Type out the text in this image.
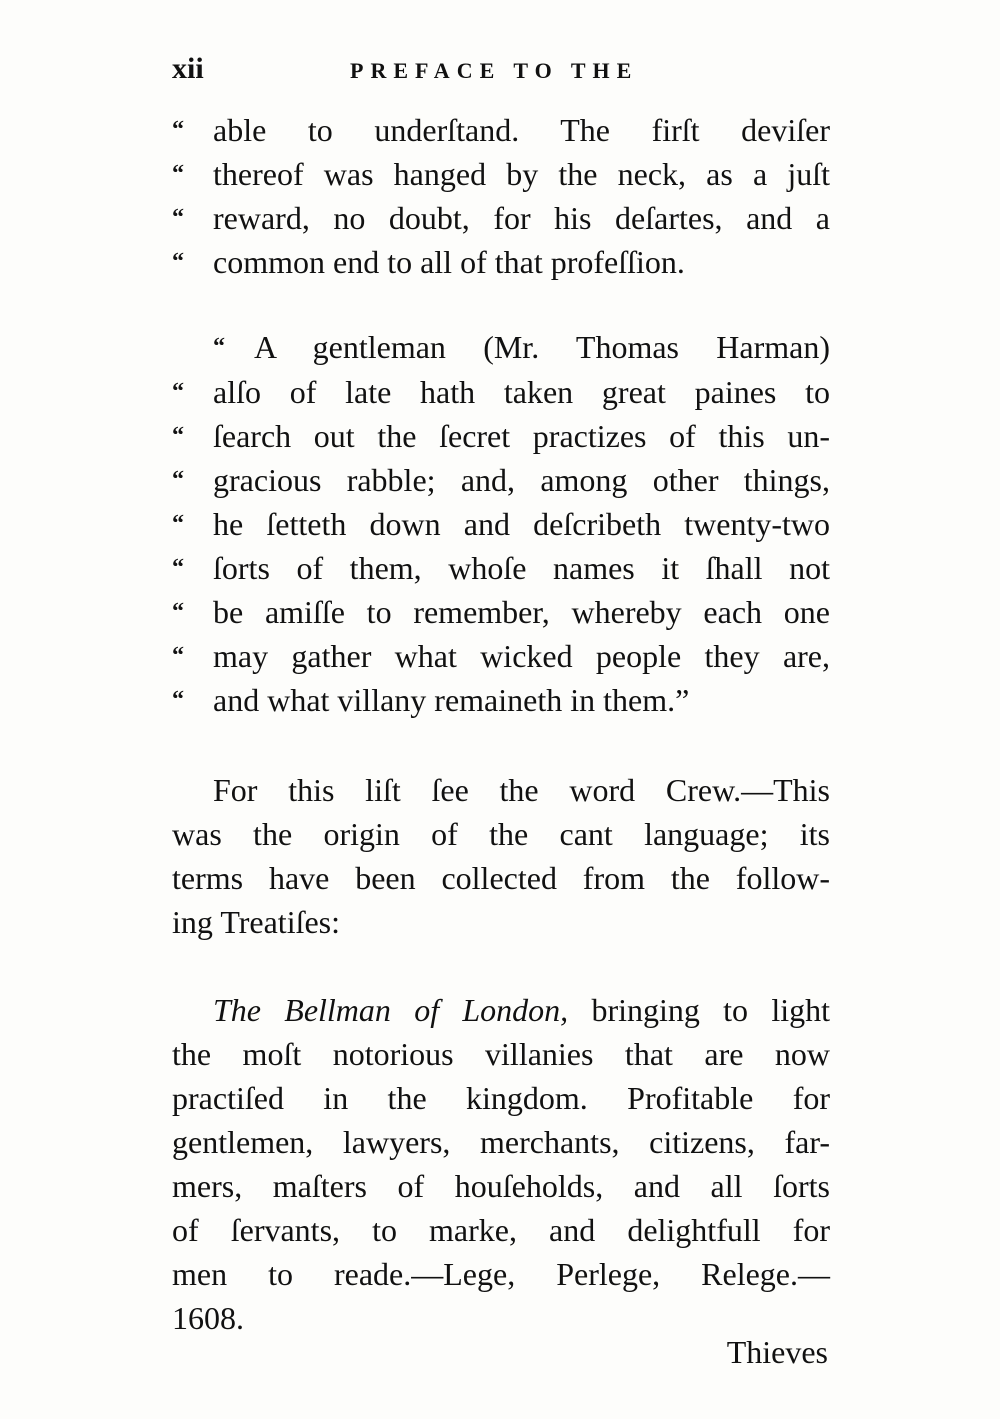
xii	PREFACE TO THE
“ able to underſtand. The firſt deviſer
“ thereof was hanged by the neck, as a juſt
“ reward, no doubt, for his deſartes, and a
“ common end to all of that profeſſion.
“ A gentleman (Mr. Thomas Harman)
“ alſo of late hath taken great paines to
“ ſearch out the ſecret practizes of this un-
“ gracious rabble; and, among other things,
“ he ſetteth down and deſcribeth twenty-two
“ ſorts of them, whoſe names it ſhall not
“ be amiſſe to remember, whereby each one
“ may gather what wicked people they are,
“ and what villany remaineth in them.”
For this liſt ſee the word Crew.—This
was the origin of the cant language; its
terms have been collected from the follow-
ing Treatiſes:
The Bellman of London, bringing to light
the moſt notorious villanies that are now
practiſed in the kingdom. Profitable for
gentlemen, lawyers, merchants, citizens, far-
mers, maſters of houſeholds, and all ſorts
of ſervants, to marke, and delightfull for
men to reade.—Lege, Perlege, Relege.—
1608.
Thieves
